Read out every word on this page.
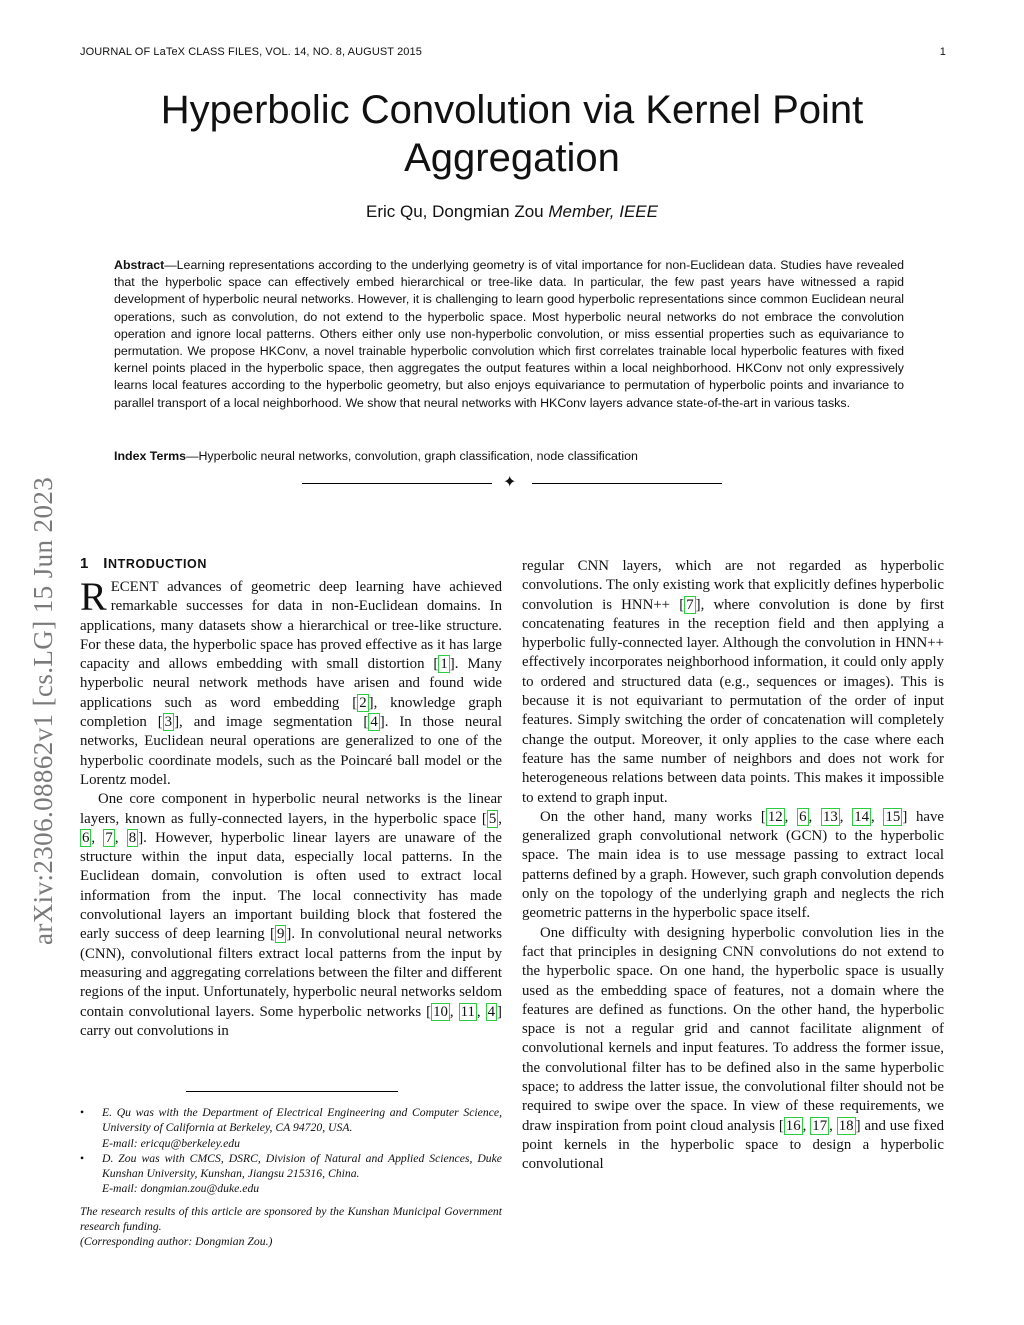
JOURNAL OF LaTeX CLASS FILES, VOL. 14, NO. 8, AUGUST 2015	1
arXiv:2306.08862v1 [cs.LG] 15 Jun 2023
Hyperbolic Convolution via Kernel Point Aggregation
Eric Qu, Dongmian Zou Member, IEEE
Abstract—Learning representations according to the underlying geometry is of vital importance for non-Euclidean data. Studies have revealed that the hyperbolic space can effectively embed hierarchical or tree-like data. In particular, the few past years have witnessed a rapid development of hyperbolic neural networks. However, it is challenging to learn good hyperbolic representations since common Euclidean neural operations, such as convolution, do not extend to the hyperbolic space. Most hyperbolic neural networks do not embrace the convolution operation and ignore local patterns. Others either only use non-hyperbolic convolution, or miss essential properties such as equivariance to permutation. We propose HKConv, a novel trainable hyperbolic convolution which first correlates trainable local hyperbolic features with fixed kernel points placed in the hyperbolic space, then aggregates the output features within a local neighborhood. HKConv not only expressively learns local features according to the hyperbolic geometry, but also enjoys equivariance to permutation of hyperbolic points and invariance to parallel transport of a local neighborhood. We show that neural networks with HKConv layers advance state-of-the-art in various tasks.
Index Terms—Hyperbolic neural networks, convolution, graph classification, node classification
✦
1 INTRODUCTION

RECENT advances of geometric deep learning have achieved remarkable successes for data in non-Euclidean domains. In applications, many datasets show a hierarchical or tree-like structure. For these data, the hyperbolic space has proved effective as it has large capacity and allows embedding with small distortion [ 1 ]. Many hyperbolic neural network methods have arisen and found wide applications such as word embedding [ 2 ], knowledge graph completion [ 3 ], and image segmentation [ 4 ]. In those neural networks, Euclidean neural operations are generalized to one of the hyperbolic coordinate models, such as the Poincaré ball model or the Lorentz model.

One core component in hyperbolic neural networks is the linear layers, known as fully-connected layers, in the hyperbolic space [ 5 , 6 , 7 , 8 ]. However, hyperbolic linear layers are unaware of the structure within the input data, especially local patterns. In the Euclidean domain, convolution is often used to extract local information from the input. The local connectivity has made convolutional layers an important building block that fostered the early success of deep learning [ 9 ]. In convolutional neural networks (CNN), convolutional filters extract local patterns from the input by measuring and aggregating correlations between the filter and different regions of the input. Unfortunately, hyperbolic neural networks seldom contain convolutional layers. Some hyperbolic networks [ 10 , 11 , 4 ] carry out convolutions in

• E. Qu was with the Department of Electrical Engineering and Computer Science, University of California at Berkeley, CA 94720, USA.
E-mail: ericqu@berkeley.edu
• D. Zou was with CMCS, DSRC, Division of Natural and Applied Sciences, Duke Kunshan University, Kunshan, Jiangsu 215316, China.
E-mail: dongmian.zou@duke.edu
The research results of this article are sponsored by the Kunshan Municipal Government research funding.
(Corresponding author: Dongmian Zou.)

regular CNN layers, which are not regarded as hyperbolic convolutions. The only existing work that explicitly defines hyperbolic convolution is HNN++ [ 7 ], where convolution is done by first concatenating features in the reception field and then applying a hyperbolic fully-connected layer. Although the convolution in HNN++ effectively incorporates neighborhood information, it could only apply to ordered and structured data (e.g., sequences or images). This is because it is not equivariant to permutation of the order of input features. Simply switching the order of concatenation will completely change the output. Moreover, it only applies to the case where each feature has the same number of neighbors and does not work for heterogeneous relations between data points. This makes it impossible to extend to graph input.

On the other hand, many works [ 12 , 6 , 13 , 14 , 15 ] have generalized graph convolutional network (GCN) to the hyperbolic space. The main idea is to use message passing to extract local patterns defined by a graph. However, such graph convolution depends only on the topology of the underlying graph and neglects the rich geometric patterns in the hyperbolic space itself.

One difficulty with designing hyperbolic convolution lies in the fact that principles in designing CNN convolutions do not extend to the hyperbolic space. On one hand, the hyperbolic space is usually used as the embedding space of features, not a domain where the features are defined as functions. On the other hand, the hyperbolic space is not a regular grid and cannot facilitate alignment of convolutional kernels and input features. To address the former issue, the convolutional filter has to be defined also in the same hyperbolic space; to address the latter issue, the convolutional filter should not be required to swipe over the space. In view of these requirements, we draw inspiration from point cloud analysis [ 16 , 17 , 18 ] and use fixed point kernels in the hyperbolic space to design a hyperbolic convolutional
